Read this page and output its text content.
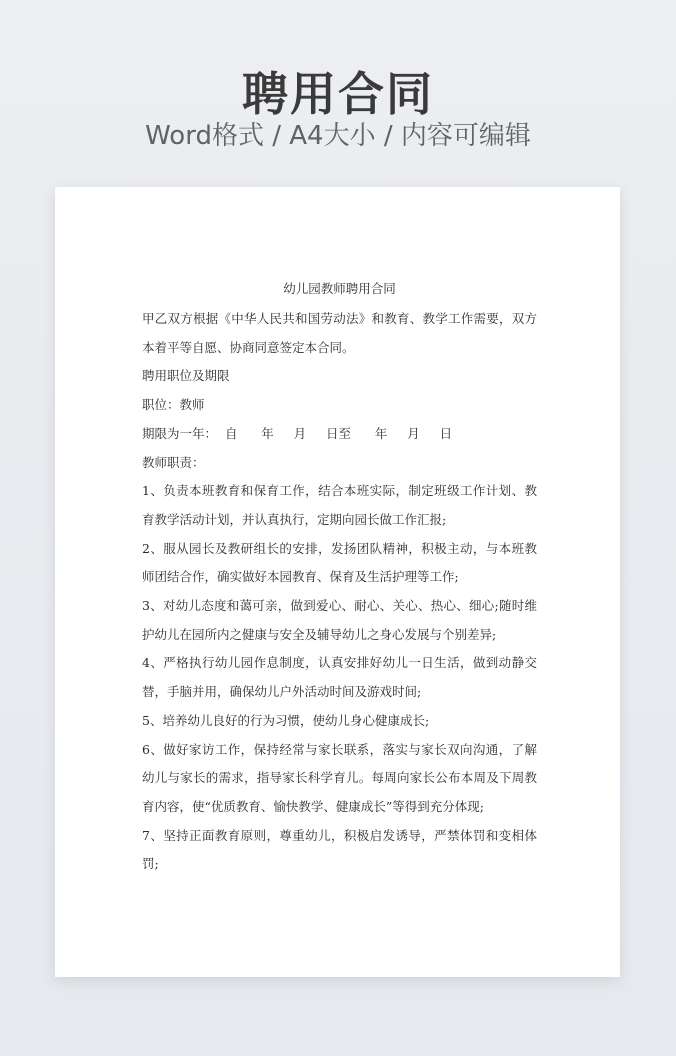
聘用合同
Word格式 / A4大小 / 内容可编辑

幼儿园教师聘用合同

甲乙双方根据《中华人民共和国劳动法》和教育、教学工作需要，双方本着平等自愿、协商同意签定本合同。

聘用职位及期限

职位：教师

期限为一年：  自      年     月     日至      年     月     日

教师职责：

1、负责本班教育和保育工作，结合本班实际，制定班级工作计划、教育教学活动计划，并认真执行，定期向园长做工作汇报;

2、服从园长及教研组长的安排，发扬团队精神，积极主动，与本班教师团结合作，确实做好本园教育、保育及生活护理等工作;

3、对幼儿态度和蔼可亲，做到爱心、耐心、关心、热心、细心;随时维护幼儿在园所内之健康与安全及辅导幼儿之身心发展与个别差异;

4、严格执行幼儿园作息制度，认真安排好幼儿一日生活，做到动静交替，手脑并用，确保幼儿户外活动时间及游戏时间;

5、培养幼儿良好的行为习惯，使幼儿身心健康成长;

6、做好家访工作，保持经常与家长联系，落实与家长双向沟通，了解幼儿与家长的需求，指导家长科学育儿。每周向家长公布本周及下周教育内容，使“优质教育、愉快教学、健康成长”等得到充分体现;

7、坚持正面教育原则，尊重幼儿，积极启发诱导，严禁体罚和变相体罚;
